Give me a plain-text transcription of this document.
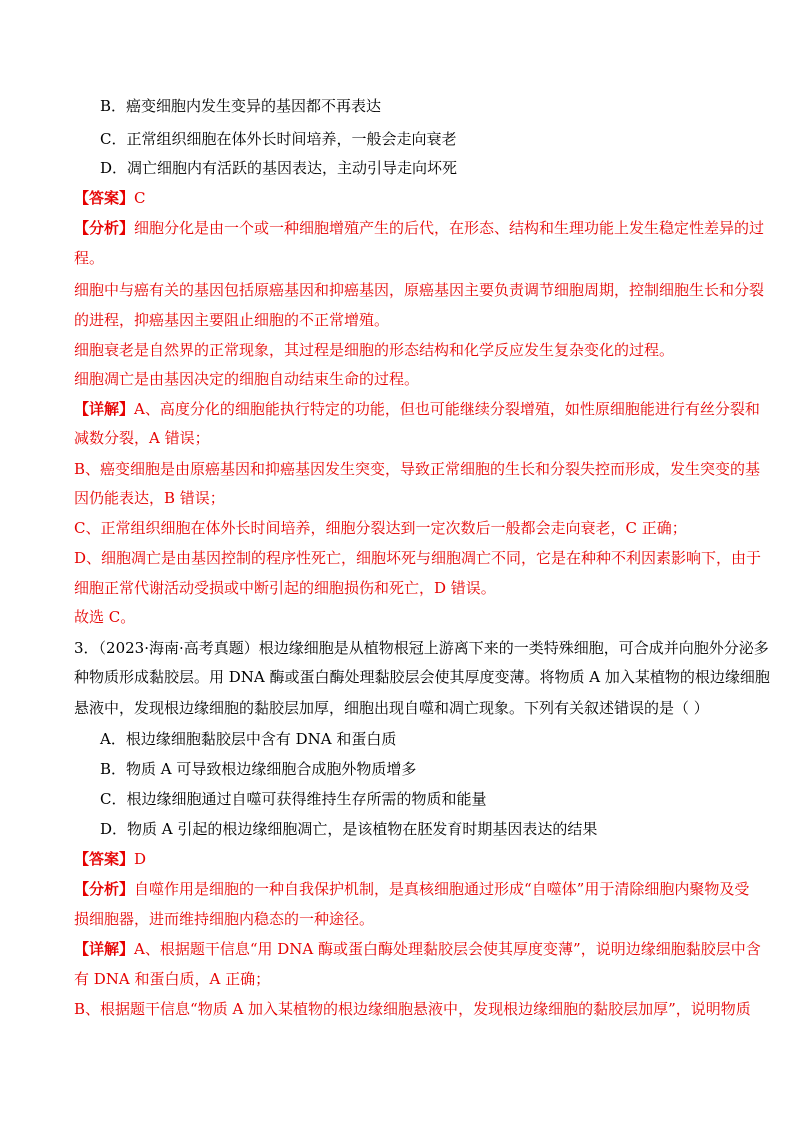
B．癌变细胞内发生变异的基因都不再表达
C．正常组织细胞在体外长时间培养，一般会走向衰老
D．凋亡细胞内有活跃的基因表达，主动引导走向坏死
【答案】C
【分析】细胞分化是由一个或一种细胞增殖产生的后代，在形态、结构和生理功能上发生稳定性差异的过
程。
细胞中与癌有关的基因包括原癌基因和抑癌基因，原癌基因主要负责调节细胞周期，控制细胞生长和分裂
的进程，抑癌基因主要阻止细胞的不正常增殖。
细胞衰老是自然界的正常现象，其过程是细胞的形态结构和化学反应发生复杂变化的过程。
细胞凋亡是由基因决定的细胞自动结束生命的过程。
【详解】A、高度分化的细胞能执行特定的功能，但也可能继续分裂增殖，如性原细胞能进行有丝分裂和
减数分裂，A 错误；
B、癌变细胞是由原癌基因和抑癌基因发生突变，导致正常细胞的生长和分裂失控而形成，发生突变的基
因仍能表达，B 错误；
C、正常组织细胞在体外长时间培养，细胞分裂达到一定次数后一般都会走向衰老，C 正确；
D、细胞凋亡是由基因控制的程序性死亡，细胞坏死与细胞凋亡不同，它是在种种不利因素影响下，由于
细胞正常代谢活动受损或中断引起的细胞损伤和死亡，D 错误。
故选 C。
3．（2023·海南·高考真题）根边缘细胞是从植物根冠上游离下来的一类特殊细胞，可合成并向胞外分泌多
种物质形成黏胶层。用 DNA 酶或蛋白酶处理黏胶层会使其厚度变薄。将物质 A 加入某植物的根边缘细胞
悬液中，发现根边缘细胞的黏胶层加厚，细胞出现自噬和凋亡现象。下列有关叙述错误的是（ ）
A．根边缘细胞黏胶层中含有 DNA 和蛋白质
B．物质 A 可导致根边缘细胞合成胞外物质增多
C．根边缘细胞通过自噬可获得维持生存所需的物质和能量
D．物质 A 引起的根边缘细胞凋亡，是该植物在胚发育时期基因表达的结果
【答案】D
【分析】自噬作用是细胞的一种自我保护机制，是真核细胞通过形成“自噬体”用于清除细胞内聚物及受
损细胞器，进而维持细胞内稳态的一种途径。
【详解】A、根据题干信息“用 DNA 酶或蛋白酶处理黏胶层会使其厚度变薄”，说明边缘细胞黏胶层中含
有 DNA 和蛋白质，A 正确；
B、根据题干信息“物质 A 加入某植物的根边缘细胞悬液中，发现根边缘细胞的黏胶层加厚”，说明物质
